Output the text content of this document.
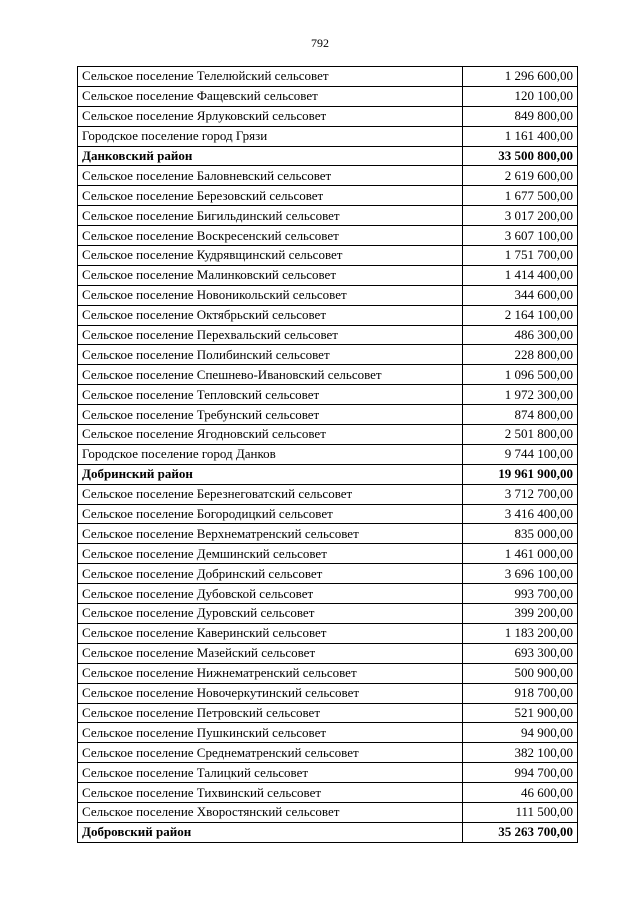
792
Сельское поселение Телелюйский сельсовет	1 296 600,00
Сельское поселение Фащевский сельсовет	120 100,00
Сельское поселение Ярлуковский сельсовет	849 800,00
Городское поселение город Грязи	1 161 400,00
Данковский район	33 500 800,00
Сельское поселение Баловневский сельсовет	2 619 600,00
Сельское поселение Березовский сельсовет	1 677 500,00
Сельское поселение Бигильдинский сельсовет	3 017 200,00
Сельское поселение Воскресенский сельсовет	3 607 100,00
Сельское поселение Кудрявщинский сельсовет	1 751 700,00
Сельское поселение Малинковский сельсовет	1 414 400,00
Сельское поселение Новоникольский сельсовет	344 600,00
Сельское поселение Октябрьский сельсовет	2 164 100,00
Сельское поселение Перехвальский сельсовет	486 300,00
Сельское поселение Полибинский сельсовет	228 800,00
Сельское поселение Спешнево-Ивановский сельсовет	1 096 500,00
Сельское поселение Тепловский сельсовет	1 972 300,00
Сельское поселение Требунский сельсовет	874 800,00
Сельское поселение Ягодновский сельсовет	2 501 800,00
Городское поселение город Данков	9 744 100,00
Добринский район	19 961 900,00
Сельское поселение Березнеговатский сельсовет	3 712 700,00
Сельское поселение Богородицкий сельсовет	3 416 400,00
Сельское поселение Верхнематренский сельсовет	835 000,00
Сельское поселение Демшинский сельсовет	1 461 000,00
Сельское поселение Добринский сельсовет	3 696 100,00
Сельское поселение Дубовской сельсовет	993 700,00
Сельское поселение Дуровский сельсовет	399 200,00
Сельское поселение Каверинский сельсовет	1 183 200,00
Сельское поселение Мазейский сельсовет	693 300,00
Сельское поселение Нижнематренский сельсовет	500 900,00
Сельское поселение Новочеркутинский сельсовет	918 700,00
Сельское поселение Петровский сельсовет	521 900,00
Сельское поселение Пушкинский сельсовет	94 900,00
Сельское поселение Среднематренский сельсовет	382 100,00
Сельское поселение Талицкий сельсовет	994 700,00
Сельское поселение Тихвинский сельсовет	46 600,00
Сельское поселение Хворостянский сельсовет	111 500,00
Добровский район	35 263 700,00
